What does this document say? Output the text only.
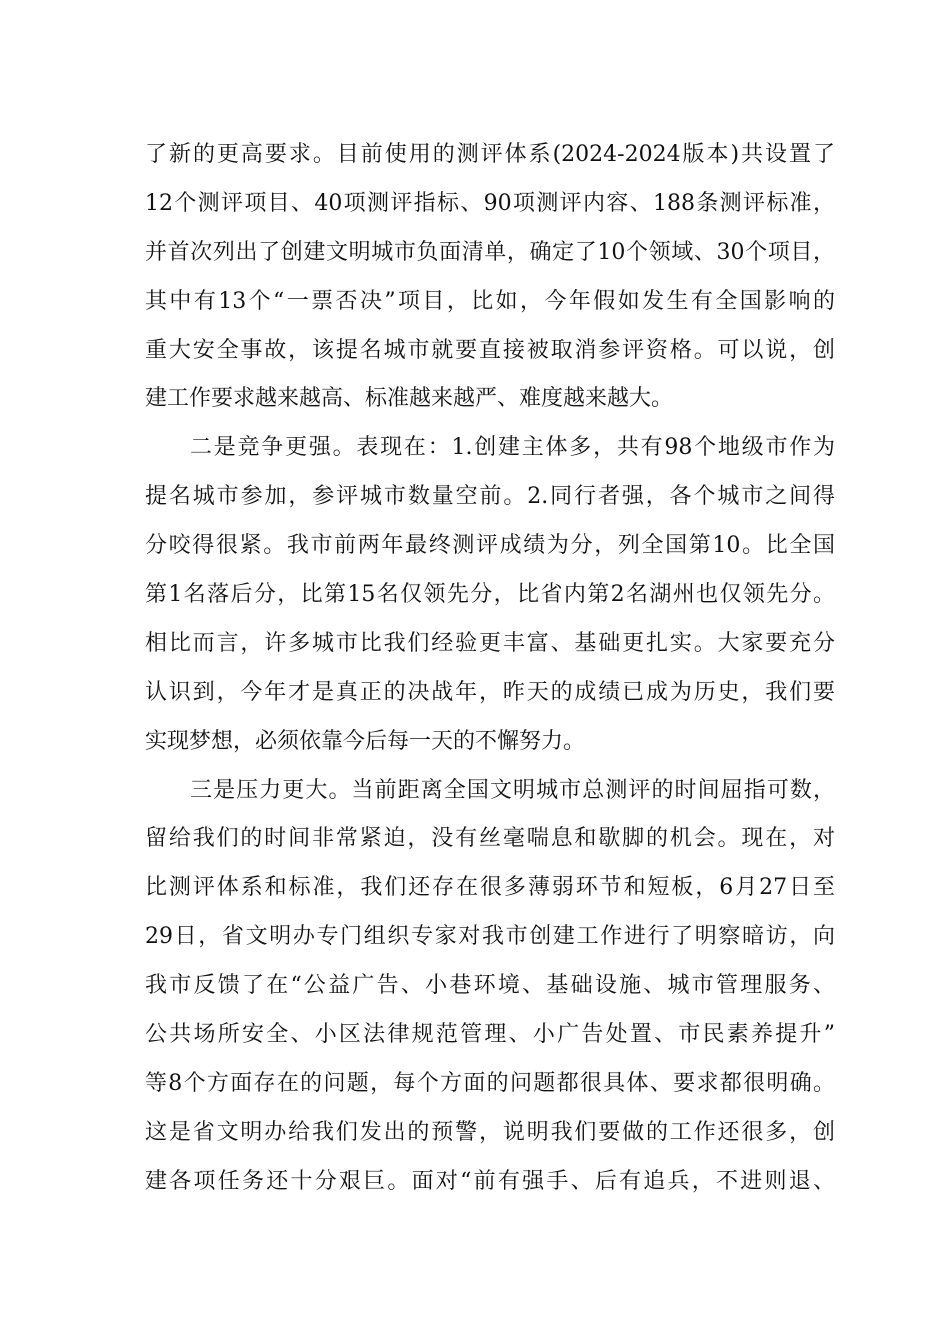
了新的更高要求。目前使用的测评体系(2024-2024版本)共设置了
12个测评项目、40项测评指标、90项测评内容、188条测评标准，
并首次列出了创建文明城市负面清单，确定了10个领域、30个项目，
其中有13个“一票否决”项目，比如，今年假如发生有全国影响的
重大安全事故，该提名城市就要直接被取消参评资格。可以说，创
建工作要求越来越高、标准越来越严、难度越来越大。
二是竞争更强。表现在：1.创建主体多，共有98个地级市作为
提名城市参加，参评城市数量空前。2.同行者强，各个城市之间得
分咬得很紧。我市前两年最终测评成绩为分，列全国第10。比全国
第1名落后分，比第15名仅领先分，比省内第2名湖州也仅领先分。
相比而言，许多城市比我们经验更丰富、基础更扎实。大家要充分
认识到，今年才是真正的决战年，昨天的成绩已成为历史，我们要
实现梦想，必须依靠今后每一天的不懈努力。
三是压力更大。当前距离全国文明城市总测评的时间屈指可数，
留给我们的时间非常紧迫，没有丝毫喘息和歇脚的机会。现在，对
比测评体系和标准，我们还存在很多薄弱环节和短板，6月27日至
29日，省文明办专门组织专家对我市创建工作进行了明察暗访，向
我市反馈了在“公益广告、小巷环境、基础设施、城市管理服务、
公共场所安全、小区法律规范管理、小广告处置、市民素养提升”
等8个方面存在的问题，每个方面的问题都很具体、要求都很明确。
这是省文明办给我们发出的预警，说明我们要做的工作还很多，创
建各项任务还十分艰巨。面对“前有强手、后有追兵，不进则退、
